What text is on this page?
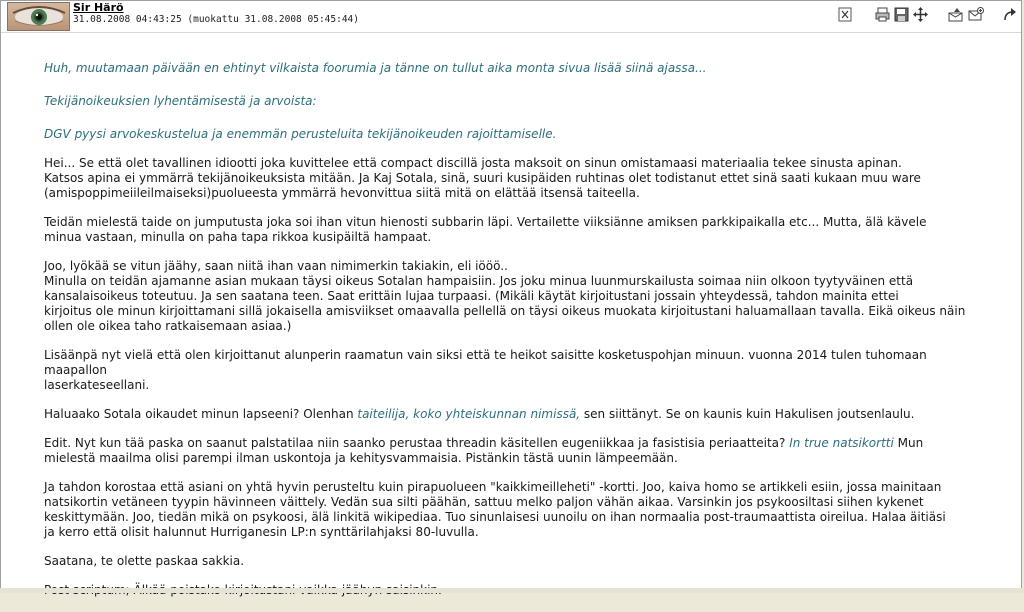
Sir Härö
31.08.2008 04:43:25 (muokattu 31.08.2008 05:45:44)
Huh, muutamaan päivään en ehtinyt vilkaista foorumia ja tänne on tullut aika monta sivua lisää siinä ajassa...
Tekijänoikeuksien lyhentämisestä ja arvoista:
DGV pyysi arvokeskustelua ja enemmän perusteluita tekijänoikeuden rajoittamiselle.
Hei... Se että olet tavallinen idiootti joka kuvittelee että compact discillä josta maksoit on sinun omistamaasi materiaalia tekee sinusta apinan.
Katsos apina ei ymmärrä tekijänoikeuksista mitään. Ja Kaj Sotala, sinä, suuri kusipäiden ruhtinas olet todistanut ettet sinä saati kukaan muu ware
(amispoppimeiileilmaiseksi)puolueesta ymmärrä hevonvittua siitä mitä on elättää itsensä taiteella.
Teidän mielestä taide on jumputusta joka soi ihan vitun hienosti subbarin läpi. Vertailette viiksiänne amiksen parkkipaikalla etc... Mutta, älä kävele
minua vastaan, minulla on paha tapa rikkoa kusipäiltä hampaat.
Joo, lyökää se vitun jäähy, saan niitä ihan vaan nimimerkin takiakin, eli iööö..
Minulla on teidän ajamanne asian mukaan täysi oikeus Sotalan hampaisiin. Jos joku minua luunmurskailusta soimaa niin olkoon tyytyväinen että
kansalaisoikeus toteutuu. Ja sen saatana teen. Saat erittäin lujaa turpaasi. (Mikäli käytät kirjoitustani jossain yhteydessä, tahdon mainita ettei
kirjoitus ole minun kirjoittamani sillä jokaisella amisviikset omaavalla pellellä on täysi oikeus muokata kirjoitustani haluamallaan tavalla. Eikä oikeus näin
ollen ole oikea taho ratkaisemaan asiaa.)
Lisäänpä nyt vielä että olen kirjoittanut alunperin raamatun vain siksi että te heikot saisitte kosketuspohjan minuun. vuonna 2014 tulen tuhomaan
maapallon
laserkateseellani.
Haluaako Sotala oikaudet minun lapseeni? Olenhan taiteilija, koko yhteiskunnan nimissä, sen siittänyt. Se on kaunis kuin Hakulisen joutsenlaulu.
Edit. Nyt kun tää paska on saanut palstatilaa niin saanko perustaa threadin käsitellen eugeniikkaa ja fasistisia periaatteita? In true natsikortti Mun
mielestä maailma olisi parempi ilman uskontoja ja kehitysvammaisia. Pistänkin tästä uunin lämpeemään.
Ja tahdon korostaa että asiani on yhtä hyvin perusteltu kuin pirapuolueen "kaikkimeilleheti" -kortti. Joo, kaiva homo se artikkeli esiin, jossa mainitaan
natsikortin vetäneen tyypin hävinneen väittely. Vedän sua silti päähän, sattuu melko paljon vähän aikaa. Varsinkin jos psykoosiltasi siihen kykenet
keskittymään. Joo, tiedän mikä on psykoosi, älä linkitä wikipediaa. Tuo sinunlaisesi uunoilu on ihan normaalia post-traumaattista oireilua. Halaa äitiäsi
ja kerro että olisit halunnut Hurriganesin LP:n synttärilahjaksi 80-luvulla.
Saatana, te olette paskaa sakkia.
